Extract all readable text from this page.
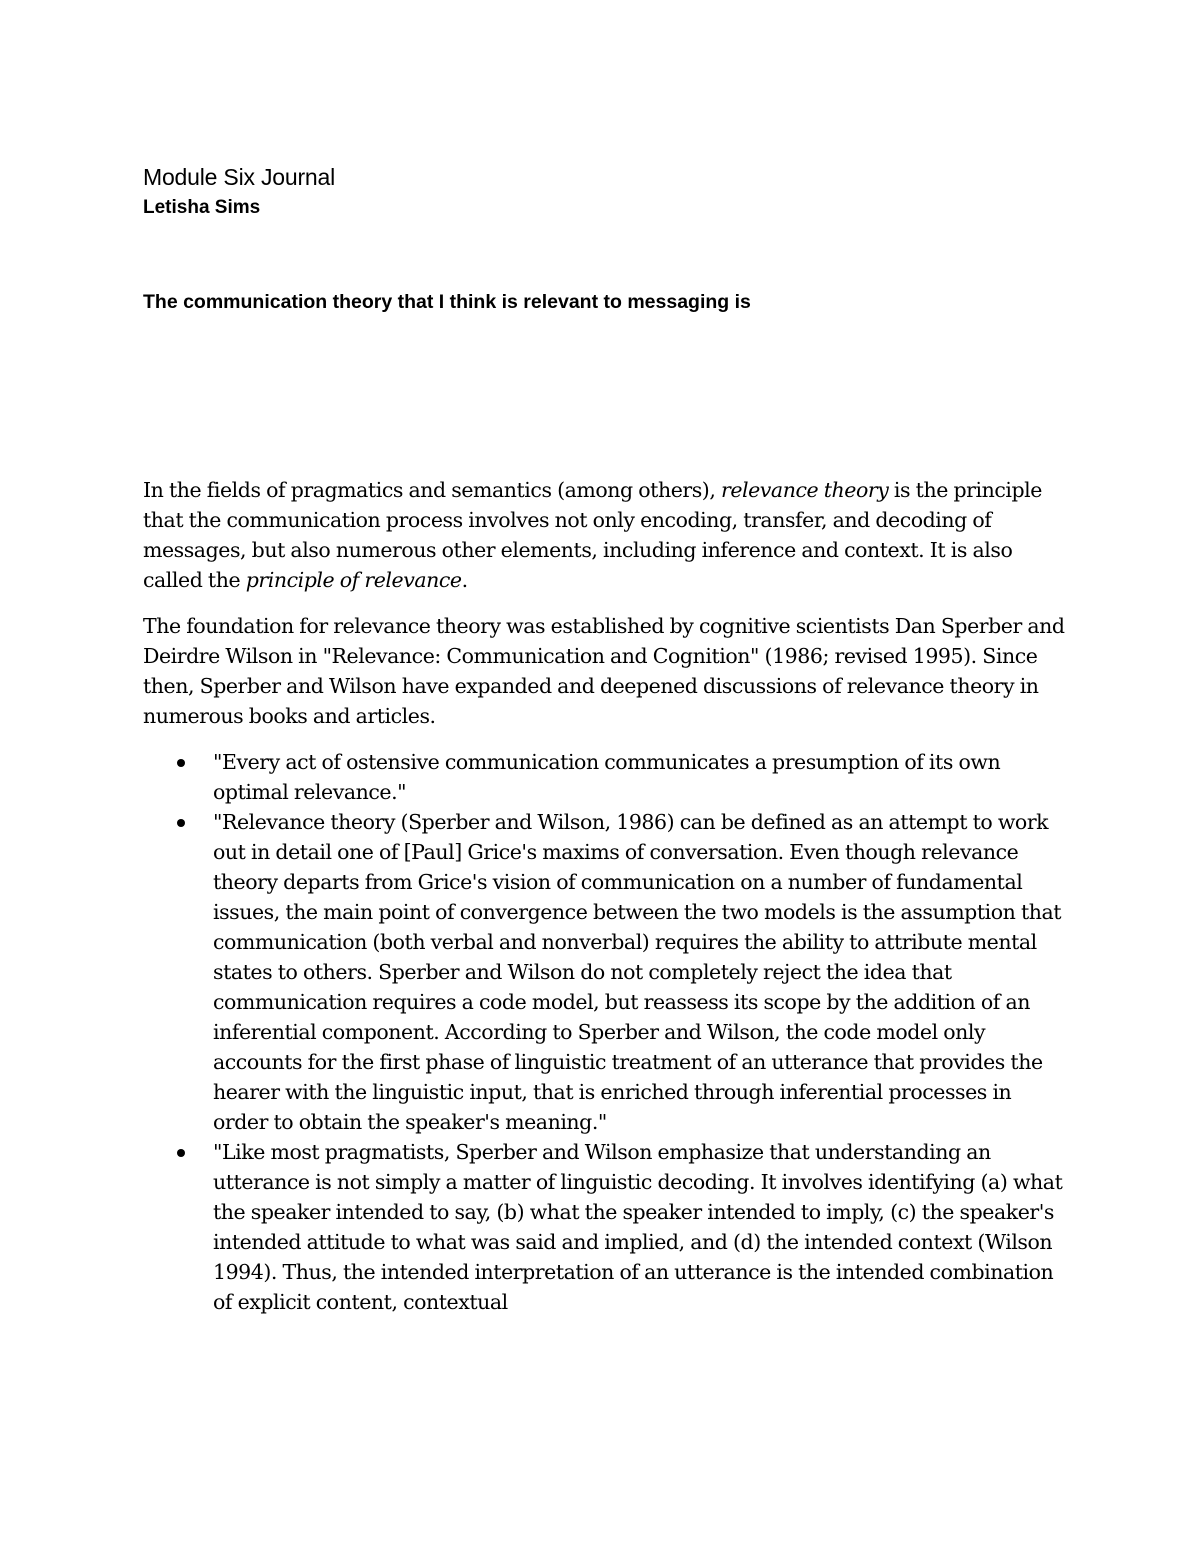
Module Six Journal
Letisha Sims
The communication theory that I think is relevant to messaging is

In the fields of pragmatics and semantics (among others), relevance theory is the principle that the communication process involves not only encoding, transfer, and decoding of messages, but also numerous other elements, including inference and context. It is also called the principle of relevance.

The foundation for relevance theory was established by cognitive scientists Dan Sperber and Deirdre Wilson in "Relevance: Communication and Cognition" (1986; revised 1995). Since then, Sperber and Wilson have expanded and deepened discussions of relevance theory in numerous books and articles.

"Every act of ostensive communication communicates a presumption of its own optimal relevance."
"Relevance theory (Sperber and Wilson, 1986) can be defined as an attempt to work out in detail one of [Paul] Grice's maxims of conversation. Even though relevance theory departs from Grice's vision of communication on a number of fundamental issues, the main point of convergence between the two models is the assumption that communication (both verbal and nonverbal) requires the ability to attribute mental states to others. Sperber and Wilson do not completely reject the idea that communication requires a code model, but reassess its scope by the addition of an inferential component. According to Sperber and Wilson, the code model only accounts for the first phase of linguistic treatment of an utterance that provides the hearer with the linguistic input, that is enriched through inferential processes in order to obtain the speaker's meaning."
"Like most pragmatists, Sperber and Wilson emphasize that understanding an utterance is not simply a matter of linguistic decoding. It involves identifying (a) what the speaker intended to say, (b) what the speaker intended to imply, (c) the speaker's intended attitude to what was said and implied, and (d) the intended context (Wilson 1994). Thus, the intended interpretation of an utterance is the intended combination of explicit content, contextual
